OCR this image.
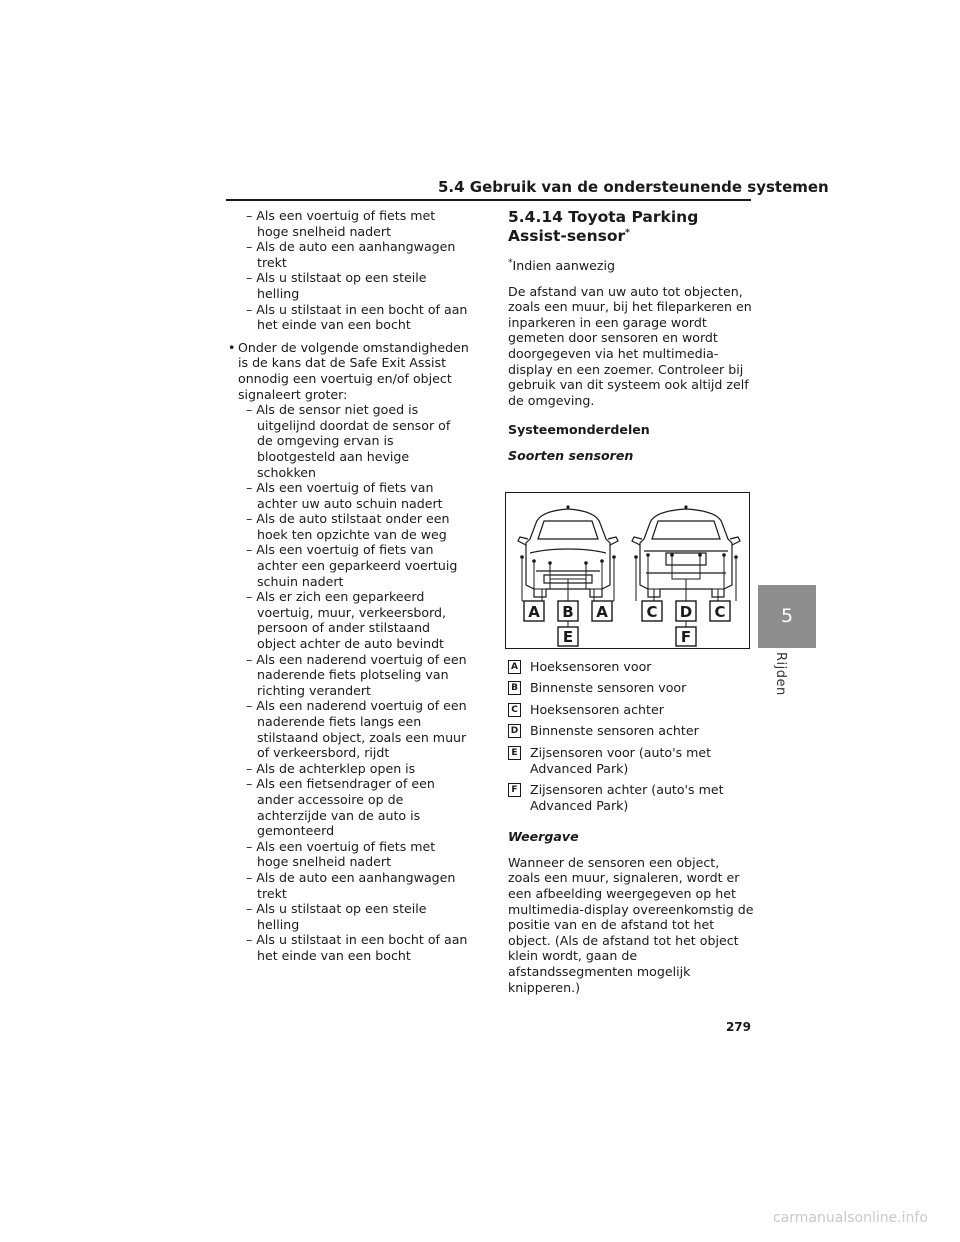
5.4 Gebruik van de ondersteunende systemen
5
Rijden
– Als een voertuig of fiets met hoge snelheid nadert
– Als de auto een aanhangwagen trekt
– Als u stilstaat op een steile helling
– Als u stilstaat in een bocht of aan het einde van een bocht
• Onder de volgende omstandigheden is de kans dat de Safe Exit Assist onnodig een voertuig en/of object signaleert groter:
– Als de sensor niet goed is uitgelijnd doordat de sensor of de omgeving ervan is blootgesteld aan hevige schokken
– Als een voertuig of fiets van achter uw auto schuin nadert
– Als de auto stilstaat onder een hoek ten opzichte van de weg
– Als een voertuig of fiets van achter een geparkeerd voertuig schuin nadert
– Als er zich een geparkeerd voertuig, muur, verkeersbord, persoon of ander stilstaand object achter de auto bevindt
– Als een naderend voertuig of een naderende fiets plotseling van richting verandert
– Als een naderend voertuig of een naderende fiets langs een stilstaand object, zoals een muur of verkeersbord, rijdt
– Als de achterklep open is
– Als een fietsendrager of een ander accessoire op de achterzijde van de auto is gemonteerd
– Als een voertuig of fiets met hoge snelheid nadert
– Als de auto een aanhangwagen trekt
– Als u stilstaat op een steile helling
– Als u stilstaat in een bocht of aan het einde van een bocht
5.4.14 Toyota Parking
Assist-sensor*

*Indien aanwezig

De afstand van uw auto tot objecten, zoals een muur, bij het fileparkeren en inparkeren in een garage wordt gemeten door sensoren en wordt doorgegeven via het multimedia-display en een zoemer. Controleer bij gebruik van dit systeem ook altijd zelf de omgeving.

Systeemonderdelen

Soorten sensoren

A B A	C D C
E	F
A Hoeksensoren voor
B Binnenste sensoren voor
C Hoeksensoren achter
D Binnenste sensoren achter
E Zijsensoren voor (auto's met Advanced Park)
F Zijsensoren achter (auto's met Advanced Park)

Weergave

Wanneer de sensoren een object, zoals een muur, signaleren, wordt er een afbeelding weergegeven op het multimedia-display overeenkomstig de positie van en de afstand tot het object. (Als de afstand tot het object klein wordt, gaan de afstandssegmenten mogelijk knipperen.)

279
carmanualsonline.info
